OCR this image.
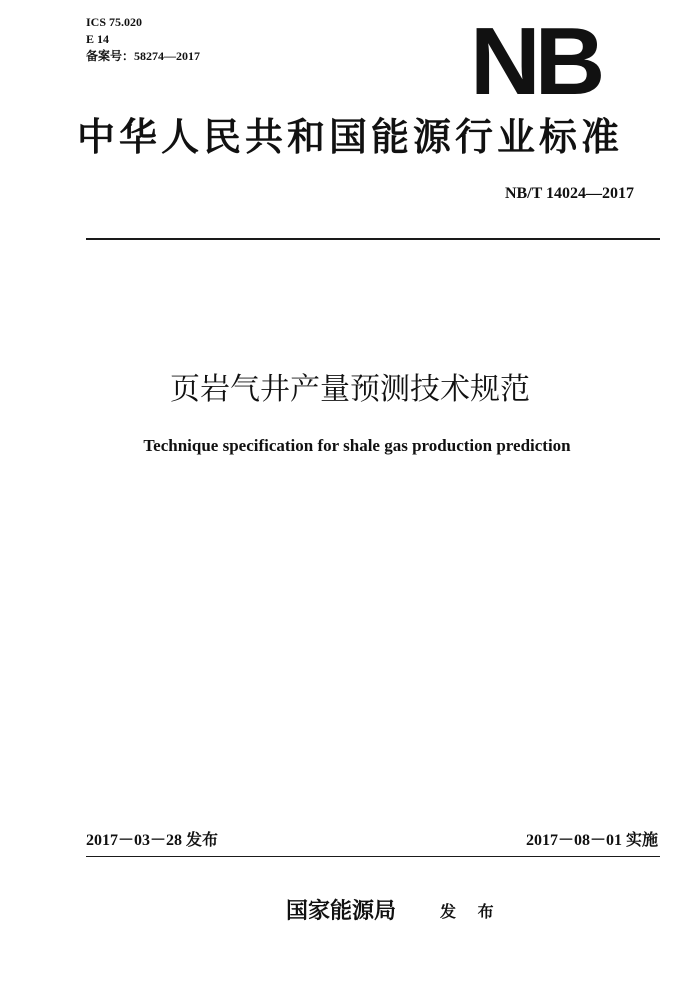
ICS 75.020
E 14
备案号：58274—2017	NB
中华人民共和国能源行业标准
NB/T 14024—2017
页岩气井产量预测技术规范
Technique specification for shale gas production prediction
2017－03－28 发布	2017－08－01 实施
国家能源局	发 布
